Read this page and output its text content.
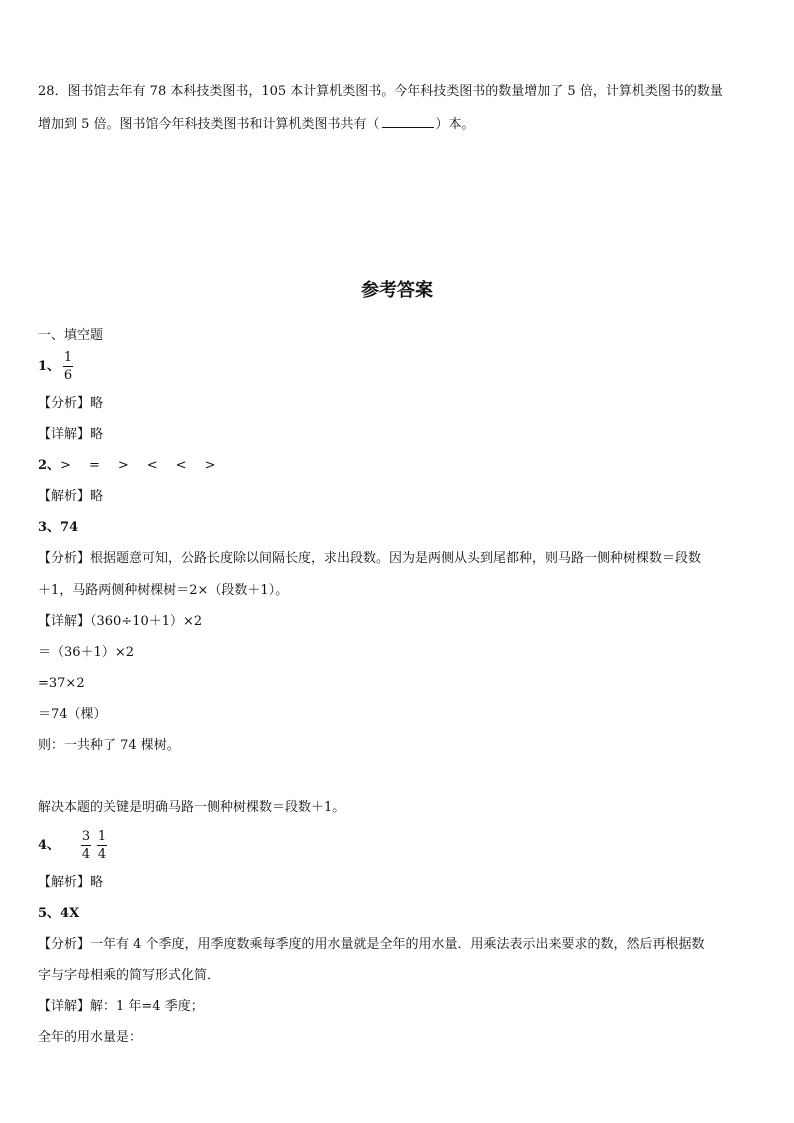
28．图书馆去年有 78 本科技类图书，105 本计算机类图书。今年科技类图书的数量增加了 5 倍，计算机类图书的数量
增加到 5 倍。图书馆今年科技类图书和计算机类图书共有（	）本。
参考答案
一、填空题
1、 $\frac{1}{6}$
【分析】略
【详解】略
2、> = > < < >
【解析】略
3、74
【分析】根据题意可知，公路长度除以间隔长度，求出段数。因为是两侧从头到尾都种，则马路一侧种树棵数＝段数
＋1，马路两侧种树棵树＝2×（段数＋1）。
【详解】（360÷10＋1）×2
＝（36＋1）×2
=37×2
＝74（棵）
则：一共种了 74 棵树。
解决本题的关键是明确马路一侧种树棵数＝段数＋1。
4、 $\frac{3}{4} \frac{1}{4}$
【解析】略
5、4X
【分析】一年有 4 个季度，用季度数乘每季度的用水量就是全年的用水量．用乘法表示出来要求的数，然后再根据数
字与字母相乘的简写形式化简．
【详解】解：1 年=4 季度；
全年的用水量是：
